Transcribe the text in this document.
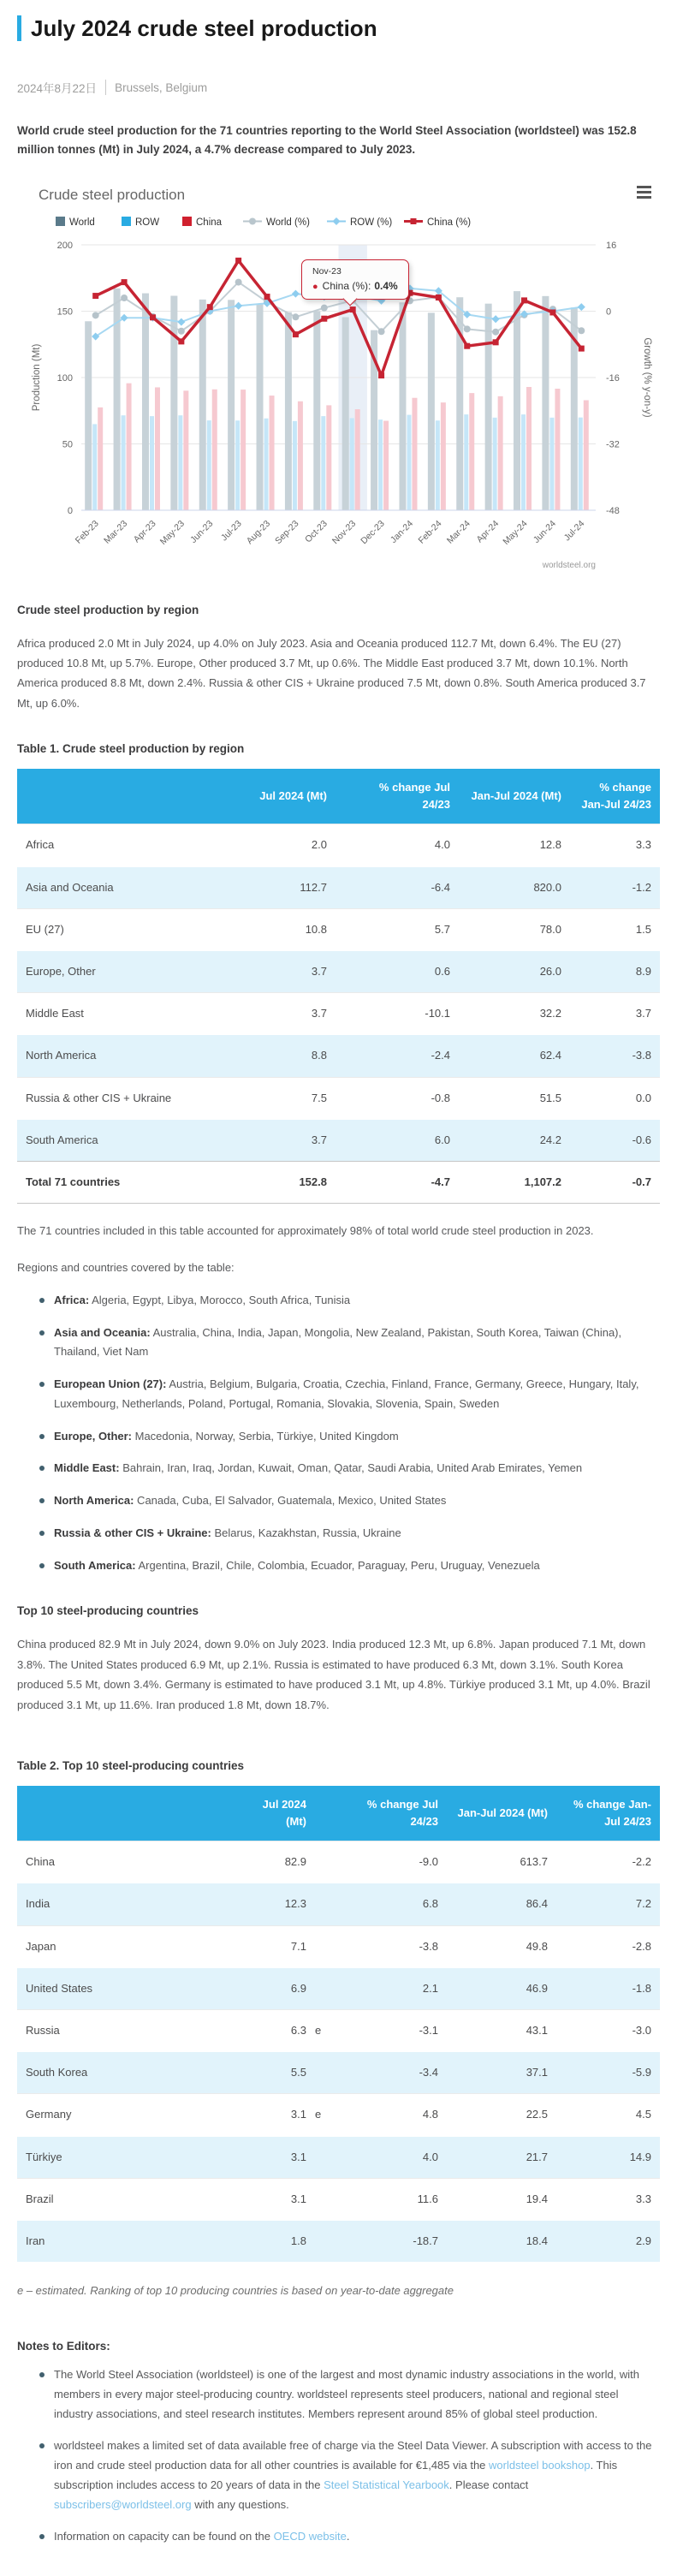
July 2024 crude steel production
2024年8月22日 Brussels, Belgium

World crude steel production for the 71 countries reporting to the World Steel Association (worldsteel) was 152.8 million tonnes (Mt) in July 2024, a 4.7% decrease compared to July 2023.

Crude steel production
World	ROW	China	World (%)	ROW (%)	China (%)
0
50
100
150
200	16
0
-16
-32
-48
Production (Mt)	Growth (% y-on-y)
Feb-23 Mar-23 Apr-23 May-23 Jun-23 Jul-23 Aug-23 Sep-23 Oct-23 Nov-23 Dec-23 Jan-24 Feb-24 Mar-24 Apr-24 May-24 Jun-24 Jul-24
worldsteel.org
Nov-23
● China (%): 0.4%
Crude steel production by region

Africa produced 2.0 Mt in July 2024, up 4.0% on July 2023. Asia and Oceania produced 112.7 Mt, down 6.4%. The EU (27) produced 10.8 Mt, up 5.7%. Europe, Other produced 3.7 Mt, up 0.6%. The Middle East produced 3.7 Mt, down 10.1%. North America produced 8.8 Mt, down 2.4%. Russia & other CIS + Ukraine produced 7.5 Mt, down 0.8%. South America produced 3.7 Mt, up 6.0%.

Table 1. Crude steel production by region
	Jul 2024 (Mt)		% change Jul 24/23	Jan-Jul 2024 (Mt)	% change Jan-Jul 24/23
Africa	2.0		4.0	12.8	3.3
Asia and Oceania	112.7		-6.4	820.0	-1.2
EU (27)	10.8		5.7	78.0	1.5
Europe, Other	3.7		0.6	26.0	8.9
Middle East	3.7		-10.1	32.2	3.7
North America	8.8		-2.4	62.4	-3.8
Russia & other CIS + Ukraine	7.5		-0.8	51.5	0.0
South America	3.7		6.0	24.2	-0.6
Total 71 countries	152.8		-4.7	1,107.2	-0.7

The 71 countries included in this table accounted for approximately 98% of total world crude steel production in 2023.

Regions and countries covered by the table:

Africa: Algeria, Egypt, Libya, Morocco, South Africa, Tunisia
Asia and Oceania: Australia, China, India, Japan, Mongolia, New Zealand, Pakistan, South Korea, Taiwan (China), Thailand, Viet Nam
European Union (27): Austria, Belgium, Bulgaria, Croatia, Czechia, Finland, France, Germany, Greece, Hungary, Italy, Luxembourg, Netherlands, Poland, Portugal, Romania, Slovakia, Slovenia, Spain, Sweden
Europe, Other: Macedonia, Norway, Serbia, Türkiye, United Kingdom
Middle East: Bahrain, Iran, Iraq, Jordan, Kuwait, Oman, Qatar, Saudi Arabia, United Arab Emirates, Yemen
North America: Canada, Cuba, El Salvador, Guatemala, Mexico, United States
Russia & other CIS + Ukraine: Belarus, Kazakhstan, Russia, Ukraine
South America: Argentina, Brazil, Chile, Colombia, Ecuador, Paraguay, Peru, Uruguay, Venezuela
Top 10 steel-producing countries

China produced 82.9 Mt in July 2024, down 9.0% on July 2023. India produced 12.3 Mt, up 6.8%. Japan produced 7.1 Mt, down 3.8%. The United States produced 6.9 Mt, up 2.1%. Russia is estimated to have produced 6.3 Mt, down 3.1%. South Korea produced 5.5 Mt, down 3.4%. Germany is estimated to have produced 3.1 Mt, up 4.8%. Türkiye produced 3.1 Mt, up 4.0%. Brazil produced 3.1 Mt, up 11.6%. Iran produced 1.8 Mt, down 18.7%.

Table 2. Top 10 steel-producing countries
	Jul 2024 (Mt)		% change Jul 24/23	Jan-Jul 2024 (Mt)	% change Jan-Jul 24/23
China	82.9		-9.0	613.7	-2.2
India	12.3		6.8	86.4	7.2
Japan	7.1		-3.8	49.8	-2.8
United States	6.9		2.1	46.9	-1.8
Russia	6.3	e	-3.1	43.1	-3.0
South Korea	5.5		-3.4	37.1	-5.9
Germany	3.1	e	4.8	22.5	4.5
Türkiye	3.1		4.0	21.7	14.9
Brazil	3.1		11.6	19.4	3.3
Iran	1.8		-18.7	18.4	2.9

e – estimated. Ranking of top 10 producing countries is based on year-to-date aggregate

Notes to Editors:
The World Steel Association (worldsteel) is one of the largest and most dynamic industry associations in the world, with members in every major steel-producing country. worldsteel represents steel producers, national and regional steel industry associations, and steel research institutes. Members represent around 85% of global steel production.
worldsteel makes a limited set of data available free of charge via the Steel Data Viewer. A subscription with access to the iron and crude steel production data for all other countries is available for €1,485 via the worldsteel bookshop. This subscription includes access to 20 years of data in the Steel Statistical Yearbook. Please contact subscribers@worldsteel.org with any questions.
Information on capacity can be found on the OECD website.
